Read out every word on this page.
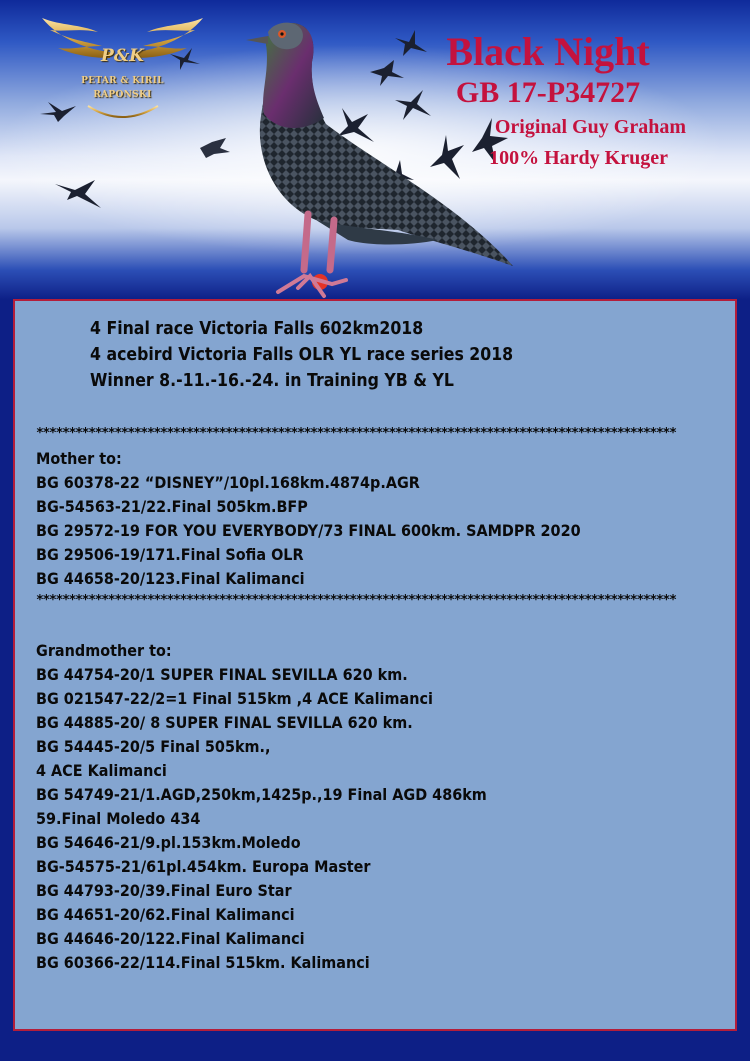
P&K
PETAR & KIRIL
RAPONSKI
Black Night
GB 17-P34727
Original Guy Graham
100% Hardy Kruger
4 Final race Victoria Falls 602km2018
4 acebird Victoria Falls OLR YL race series 2018
Winner 8.-11.-16.-24. in Training YB & YL
**************************************************************************************************
Mother to:
BG 60378-22 “DISNEY”/10pl.168km.4874p.AGR
BG-54563-21/22.Final 505km.BFP
BG 29572-19 FOR YOU EVERYBODY/73 FINAL 600km. SAMDPR 2020
BG 29506-19/171.Final Sofia OLR
BG 44658-20/123.Final Kalimanci
**************************************************************************************************
Grandmother to:
BG 44754-20/1 SUPER FINAL SEVILLA 620 km.
BG 021547-22/2=1 Final 515km ,4 ACE Kalimanci
BG 44885-20/ 8 SUPER FINAL SEVILLA 620 km.
BG 54445-20/5 Final 505km.,
4 ACE Kalimanci
BG 54749-21/1.AGD,250km,1425p.,19 Final AGD 486km
59.Final Moledo 434
BG 54646-21/9.pl.153km.Moledo
BG-54575-21/61pl.454km. Europa Master
BG 44793-20/39.Final Euro Star
BG 44651-20/62.Final Kalimanci
BG 44646-20/122.Final Kalimanci
BG 60366-22/114.Final 515km. Kalimanci
